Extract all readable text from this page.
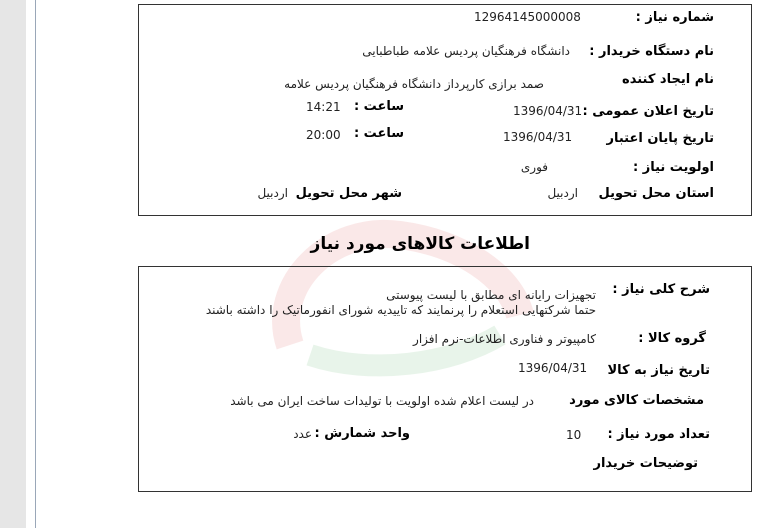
شماره نیاز :
12964145000008
نام دستگاه خریدار :
دانشگاه فرهنگیان پردیس علامه طباطبایی
نام ایجاد کننده
صمد برازی کارپرداز دانشگاه فرهنگیان پردیس علامه
تاریخ اعلان عمومی :
1396/04/31
ساعت :
14:21
تاریخ پایان اعتبار
1396/04/31
ساعت :
20:00
اولویت نیاز :
فوری
استان محل تحویل
اردبیل
شهر محل تحویل
اردبیل
اطلاعات کالاهای مورد نیاز
شرح کلی نیاز :
تجهیزات رایانه ای مطابق با لیست پیوستی
حتما شرکتهایی استعلام را پرنمایند که تاییدیه شورای انفورماتیک را داشته باشند
گروه کالا :
کامپیوتر و فناوری اطلاعات-نرم افزار
تاریخ نیاز به کالا
1396/04/31
مشخصات کالای مورد
در لیست اعلام شده اولویت با تولیدات ساخت ایران می باشد
تعداد مورد نیاز :
10
واحد شمارش :
عدد
توضیحات خریدار
